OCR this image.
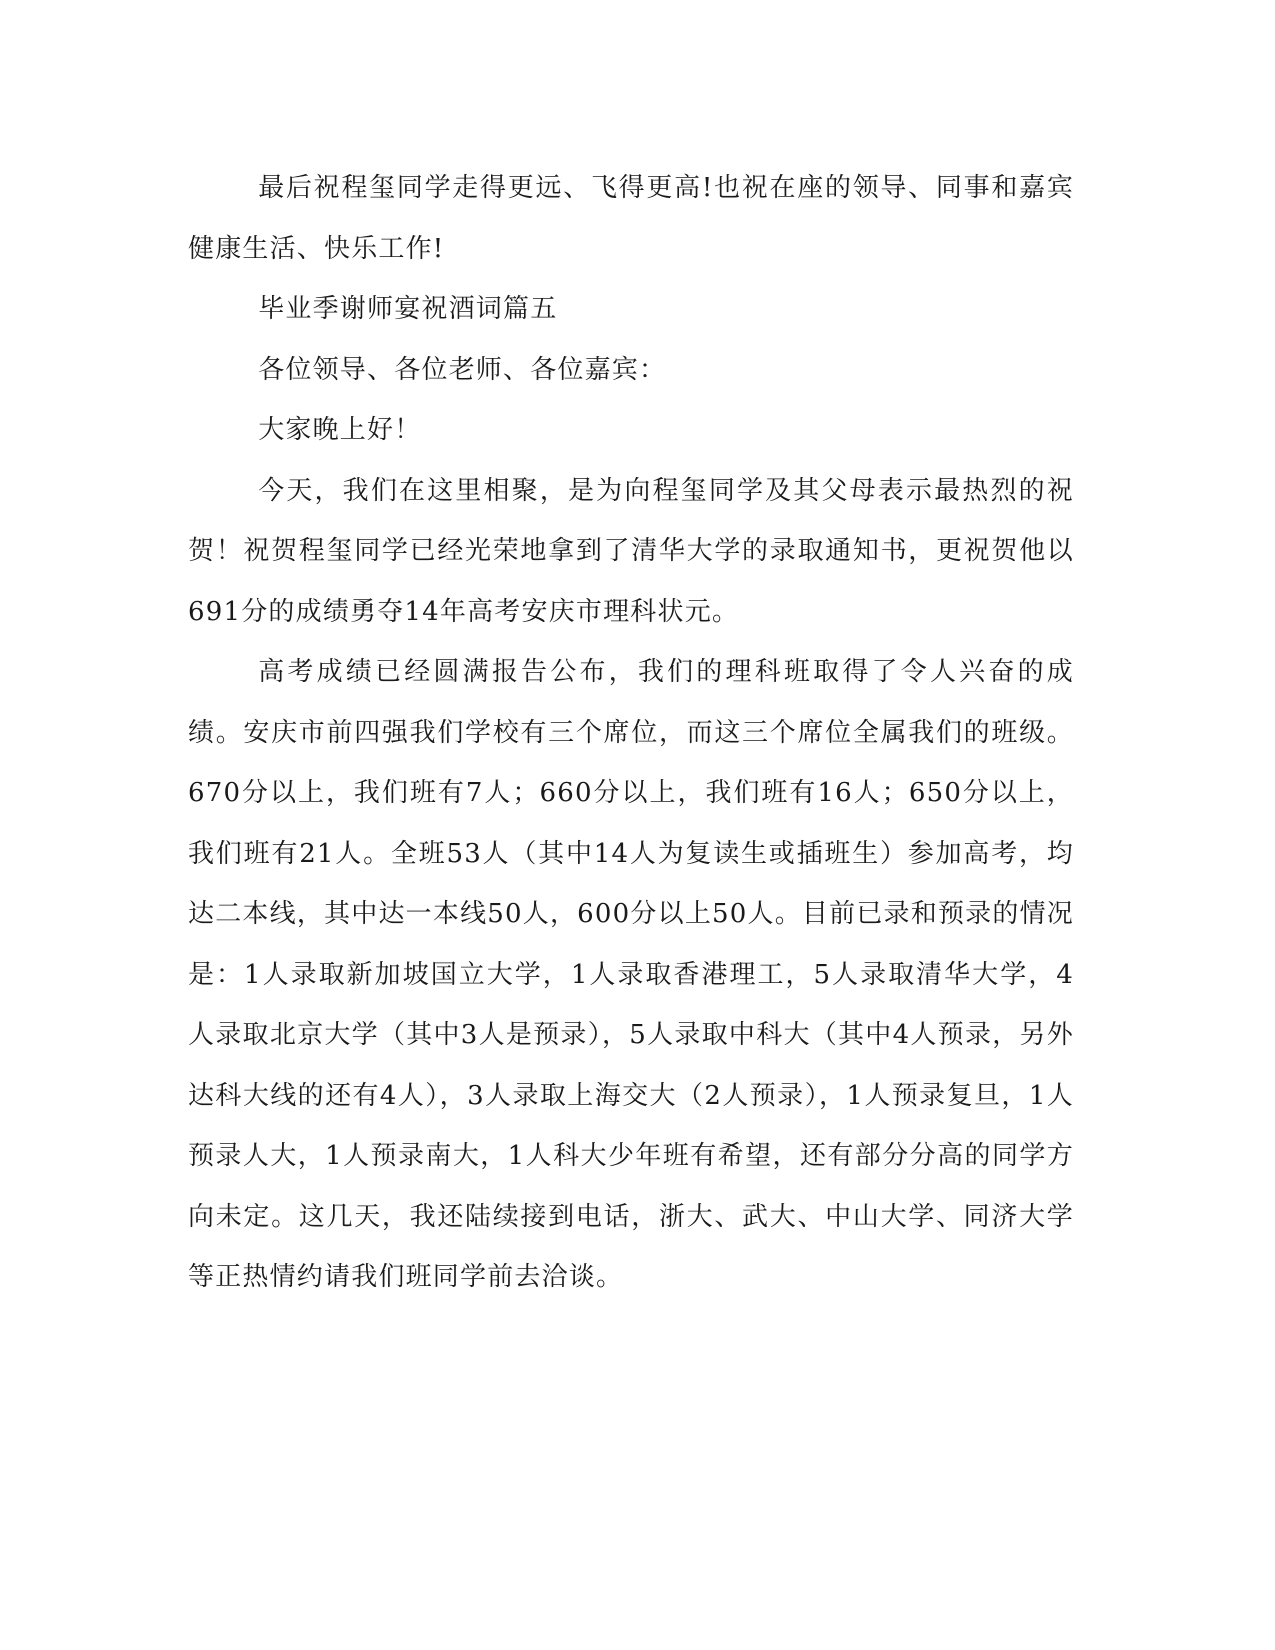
最后祝程玺同学走得更远、飞得更高!也祝在座的领导、同事和嘉宾健康生活、快乐工作!

毕业季谢师宴祝酒词篇五

各位领导、各位老师、各位嘉宾：

大家晚上好！

今天，我们在这里相聚，是为向程玺同学及其父母表示最热烈的祝贺！祝贺程玺同学已经光荣地拿到了清华大学的录取通知书，更祝贺他以691分的成绩勇夺14年高考安庆市理科状元。

高考成绩已经圆满报告公布，我们的理科班取得了令人兴奋的成绩。安庆市前四强我们学校有三个席位，而这三个席位全属我们的班级。670分以上，我们班有7人；660分以上，我们班有16人；650分以上，我们班有21人。全班53人（其中14人为复读生或插班生）参加高考，均达二本线，其中达一本线50人，600分以上50人。目前已录和预录的情况是：1人录取新加坡国立大学，1人录取香港理工，5人录取清华大学，4人录取北京大学（其中3人是预录），5人录取中科大（其中4人预录，另外达科大线的还有4人），3人录取上海交大（2人预录），1人预录复旦，1人预录人大，1人预录南大，1人科大少年班有希望，还有部分分高的同学方向未定。这几天，我还陆续接到电话，浙大、武大、中山大学、同济大学等正热情约请我们班同学前去洽谈。
